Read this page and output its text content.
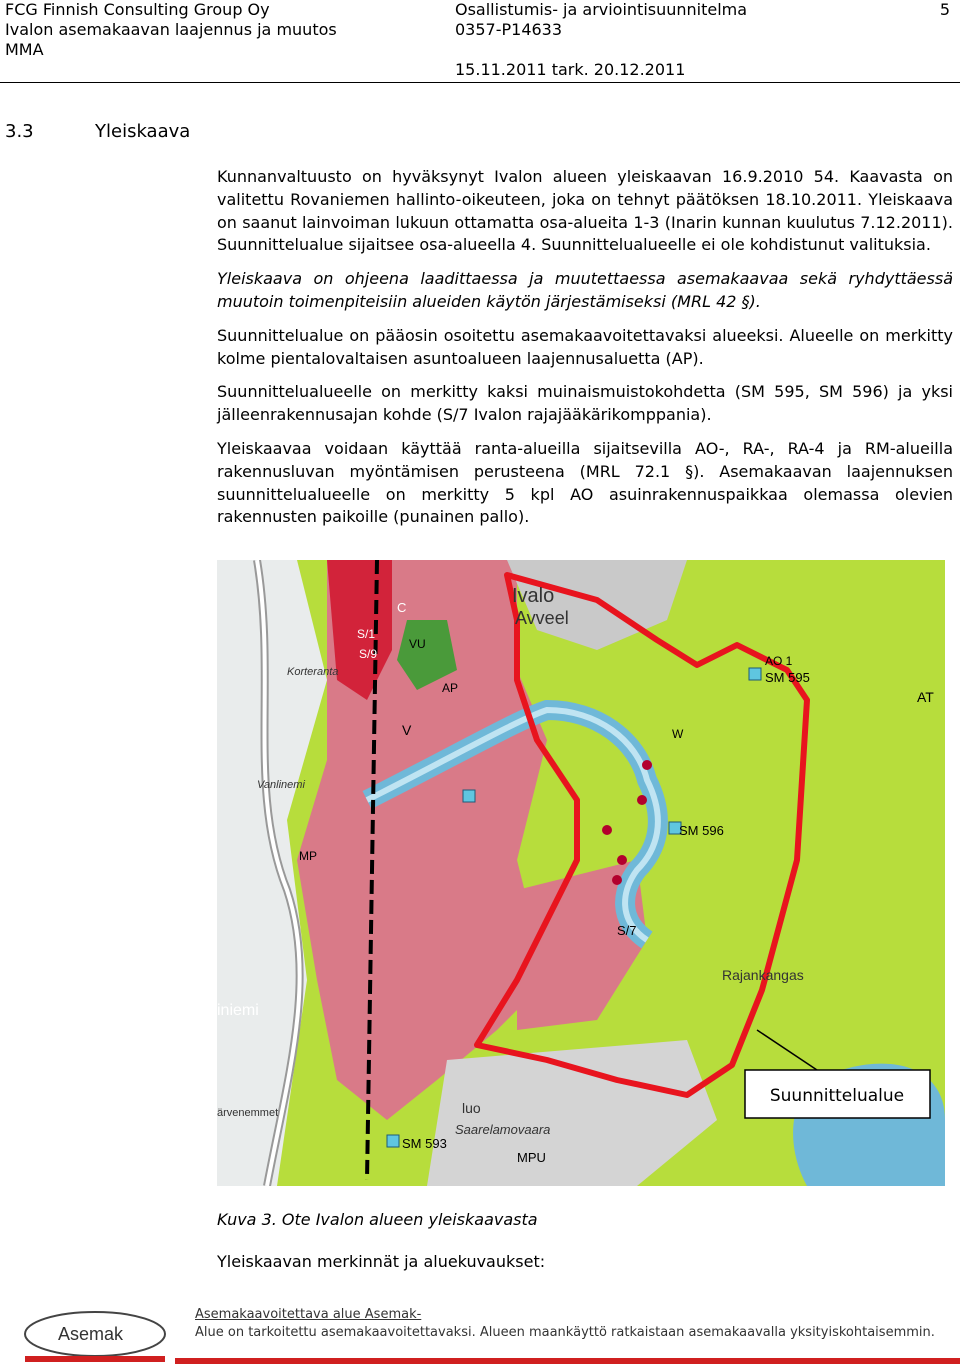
FCG Finnish Consulting Group Oy
Ivalon asemakaavan laajennus ja muutos
MMA
Osallistumis- ja arviointisuunnitelma
0357-P14633
5
15.11.2011 tark. 20.12.2011
3.3	Yleiskaava

Kunnanvaltuusto on hyväksynyt Ivalon alueen yleiskaavan 16.9.2010 54. Kaavasta on valitettu Rovaniemen hallinto-oikeuteen, joka on tehnyt päätöksen 18.10.2011. Yleiskaava on saanut lainvoiman lukuun ottamatta osa-alueita 1-3 (Inarin kunnan kuulutus 7.12.2011). Suunnittelualue sijaitsee osa-alueella 4. Suunnittelualueelle ei ole kohdistunut valituksia.

Yleiskaava on ohjeena laadittaessa ja muutettaessa asemakaavaa sekä ryhdyttäessä muutoin toimenpiteisiin alueiden käytön järjestämiseksi (MRL 42 §).

Suunnittelualue on pääosin osoitettu asemakaavoitettavaksi alueeksi. Alueelle on merkitty kolme pientalovaltaisen asuntoalueen laajennusaluetta (AP).

Suunnittelualueelle on merkitty kaksi muinaismuistokohdetta (SM 595, SM 596) ja yksi jälleenrakennusajan kohde (S/7 Ivalon rajajääkärikomppania).

Yleiskaavaa voidaan käyttää ranta-alueilla sijaitsevilla AO-, RA-, RA-4 ja RM-alueilla rakennusluvan myöntämisen perusteena (MRL 72.1 §). Asemakaavan laajennuksen suunnittelualueelle on merkitty 5 kpl AO asuinrakennuspaikkaa olemassa olevien rakennusten paikoille (punainen pallo).

Ivalo
Avveel
AO 1
SM 595
SM 596
SM 593
AT
AP
MP
V	W
S/7
Rajankangas
luo
MPU
Saarelamovaara
iniemi
Vanlinemi
Korteranta
ärvenemmet
C
S/1
S/9
VU
Suunnittelualue
Kuva 3. Ote Ivalon alueen yleiskaavasta
Yleiskaavan merkinnät ja aluekuvaukset:
Asemak
Asemakaavoitettava alue Asemak-
Alue on tarkoitettu asemakaavoitettavaksi. Alueen maankäyttö ratkaistaan asemakaavalla yksityiskohtaisemmin.
